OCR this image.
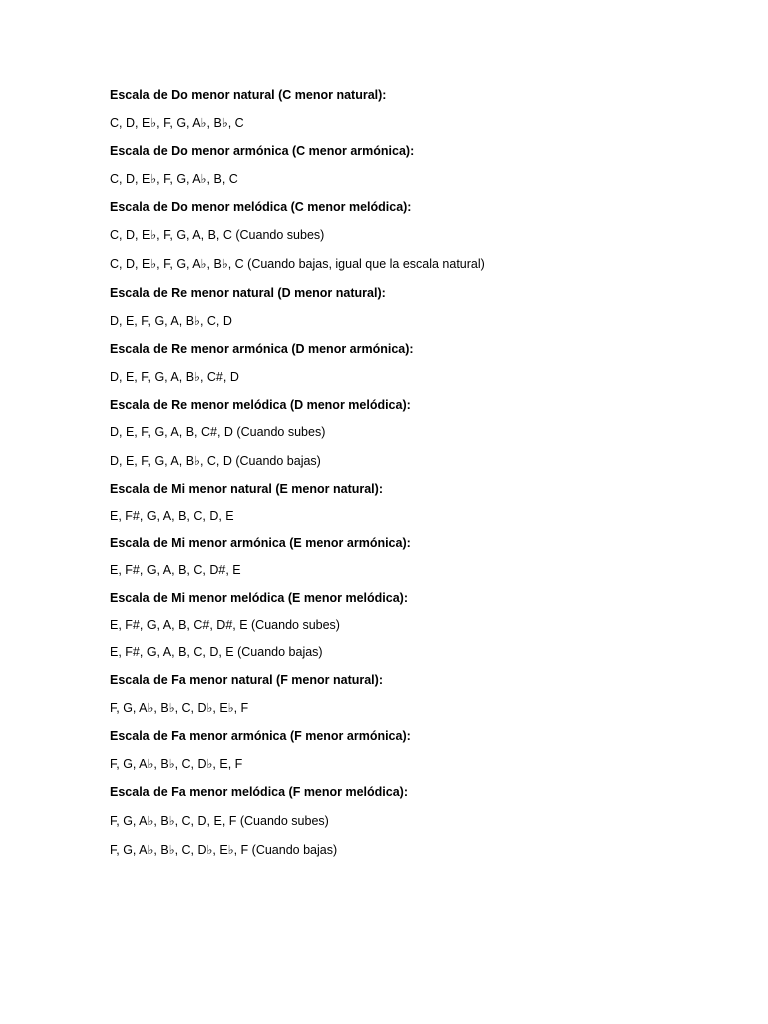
Escala de Do menor natural (C menor natural):
C, D, E♭, F, G, A♭, B♭, C
Escala de Do menor armónica (C menor armónica):
C, D, E♭, F, G, A♭, B, C
Escala de Do menor melódica (C menor melódica):
C, D, E♭, F, G, A, B, C (Cuando subes)
C, D, E♭, F, G, A♭, B♭, C (Cuando bajas, igual que la escala natural)
Escala de Re menor natural (D menor natural):
D, E, F, G, A, B♭, C, D
Escala de Re menor armónica (D menor armónica):
D, E, F, G, A, B♭, C#, D
Escala de Re menor melódica (D menor melódica):
D, E, F, G, A, B, C#, D (Cuando subes)
D, E, F, G, A, B♭, C, D (Cuando bajas)
Escala de Mi menor natural (E menor natural):
E, F#, G, A, B, C, D, E
Escala de Mi menor armónica (E menor armónica):
E, F#, G, A, B, C, D#, E
Escala de Mi menor melódica (E menor melódica):
E, F#, G, A, B, C#, D#, E (Cuando subes)
E, F#, G, A, B, C, D, E (Cuando bajas)
Escala de Fa menor natural (F menor natural):
F, G, A♭, B♭, C, D♭, E♭, F
Escala de Fa menor armónica (F menor armónica):
F, G, A♭, B♭, C, D♭, E, F
Escala de Fa menor melódica (F menor melódica):
F, G, A♭, B♭, C, D, E, F (Cuando subes)
F, G, A♭, B♭, C, D♭, E♭, F (Cuando bajas)
